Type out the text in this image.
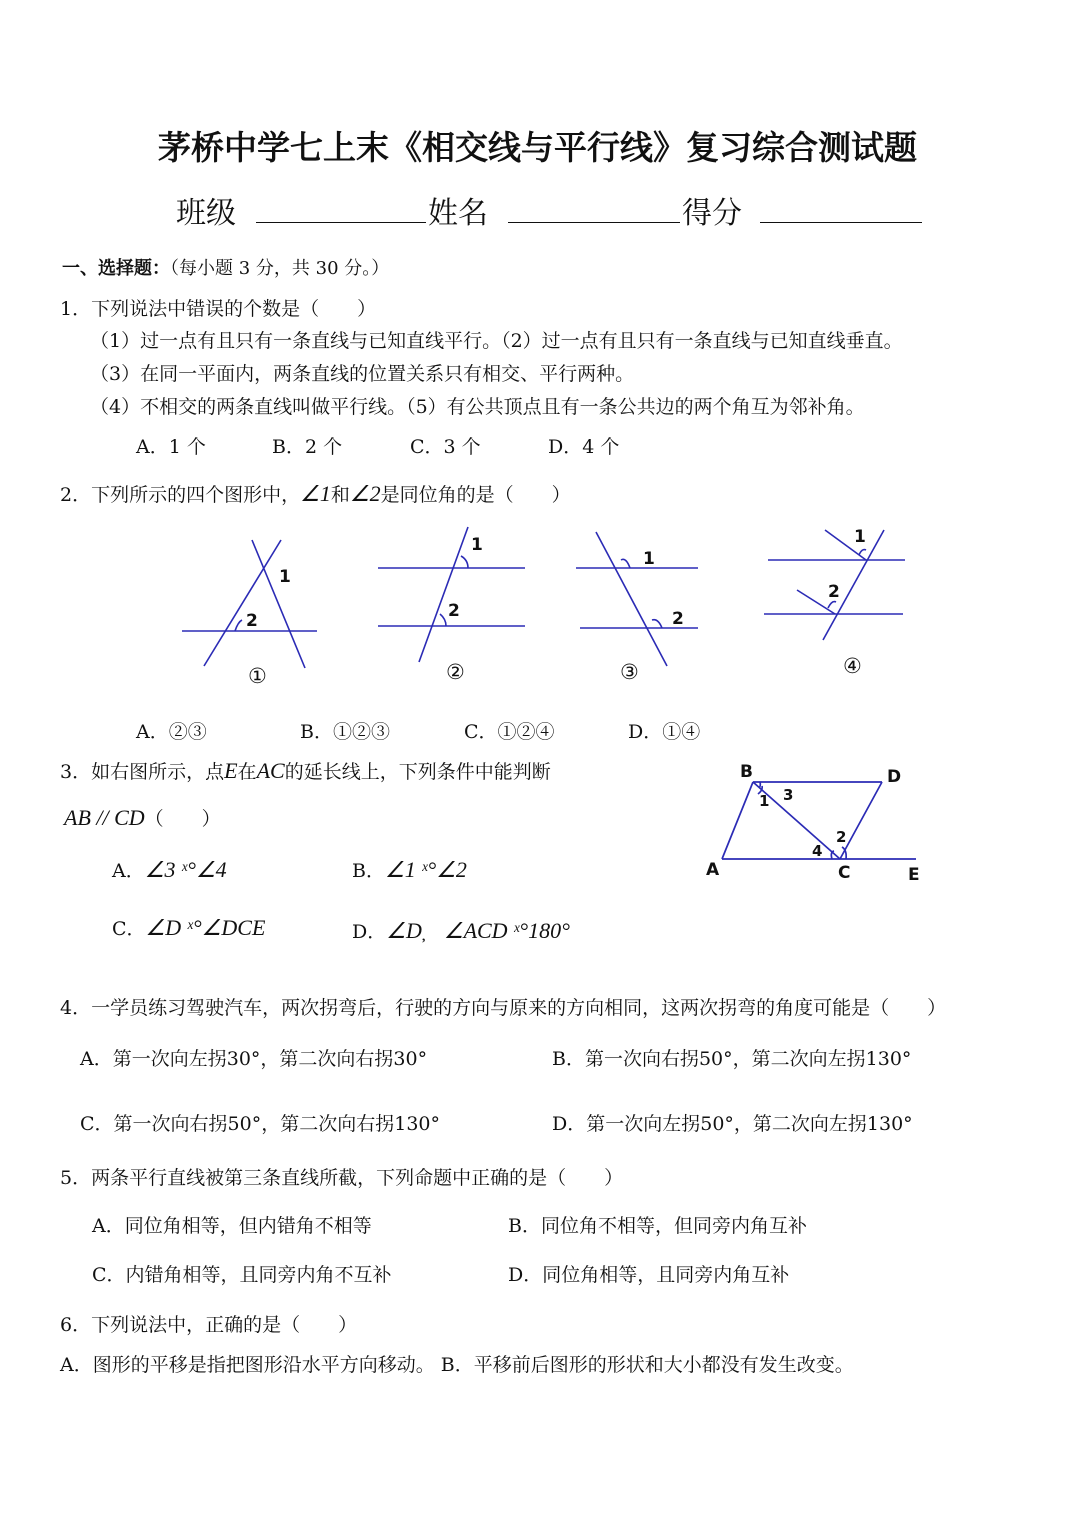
茅桥中学七上末《相交线与平行线》复习综合测试题
班级	姓名	得分
一、选择题：（每小题 3 分，共 30 分。）
1．下列说法中错误的个数是（　　）
（1）过一点有且只有一条直线与已知直线平行。（2）过一点有且只有一条直线与已知直线垂直。
（3）在同一平面内，两条直线的位置关系只有相交、平行两种。
（4）不相交的两条直线叫做平行线。（5）有公共顶点且有一条公共边的两个角互为邻补角。
A．1 个	B．2 个	C．3 个	D．4 个
2．下列所示的四个图形中，∠1和∠2是同位角的是（　　）
1
2
1
2
1
2
1
2
①	②	③	④
A．②③	B．①②③	C．①②④	D．①④
3．如右图所示，点E在AC的延长线上，下列条件中能判断
AB // CD（　　）
A．∠3 ˣ°∠4	B．∠1 ˣ°∠2
C．∠D ˣ°∠DCE	D．∠D̦　∠ACD ˣ°180°
B	D
A	C	E
1 3
2
4
4．一学员练习驾驶汽车，两次拐弯后，行驶的方向与原来的方向相同，这两次拐弯的角度可能是（　　）
A．第一次向左拐30°，第二次向右拐30°	B．第一次向右拐50°，第二次向左拐130°
C．第一次向右拐50°，第二次向右拐130°	D．第一次向左拐50°，第二次向左拐130°
5．两条平行直线被第三条直线所截，下列命题中正确的是（　　）
A．同位角相等，但内错角不相等	B．同位角不相等，但同旁内角互补
C．内错角相等，且同旁内角不互补	D．同位角相等，且同旁内角互补
6．下列说法中，正确的是（　　）
A．图形的平移是指把图形沿水平方向移动。 B．平移前后图形的形状和大小都没有发生改变。
